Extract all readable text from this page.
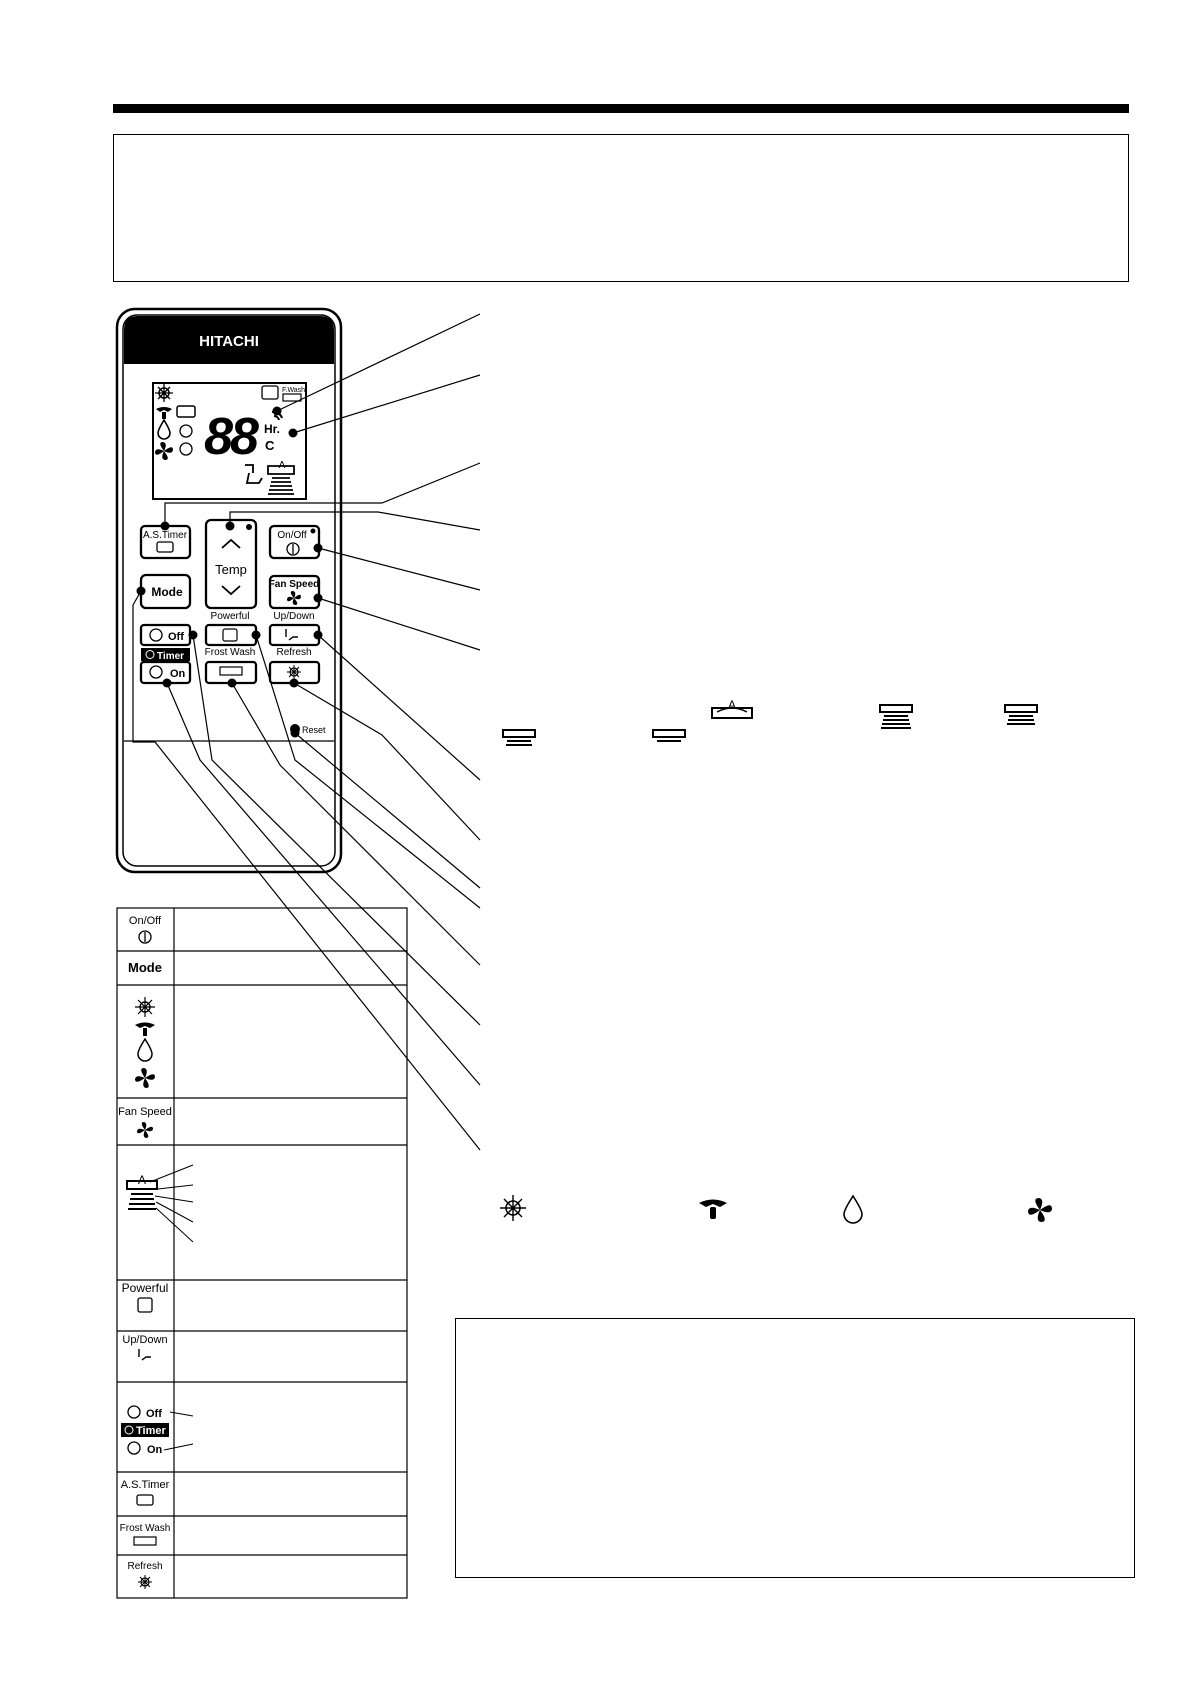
HITACHI
88 Hr.
C
F.Wash
A
A.S.Timer
Temp
On/Off
Mode
Fan Speed
Powerful Up/Down
Off
Timer Frost Wash Refresh
On
Reset
A
On/Off
Mode
Fan Speed
A
Powerful
Up/Down
Off
Timer
On
A.S.Timer
Frost Wash
Refresh
